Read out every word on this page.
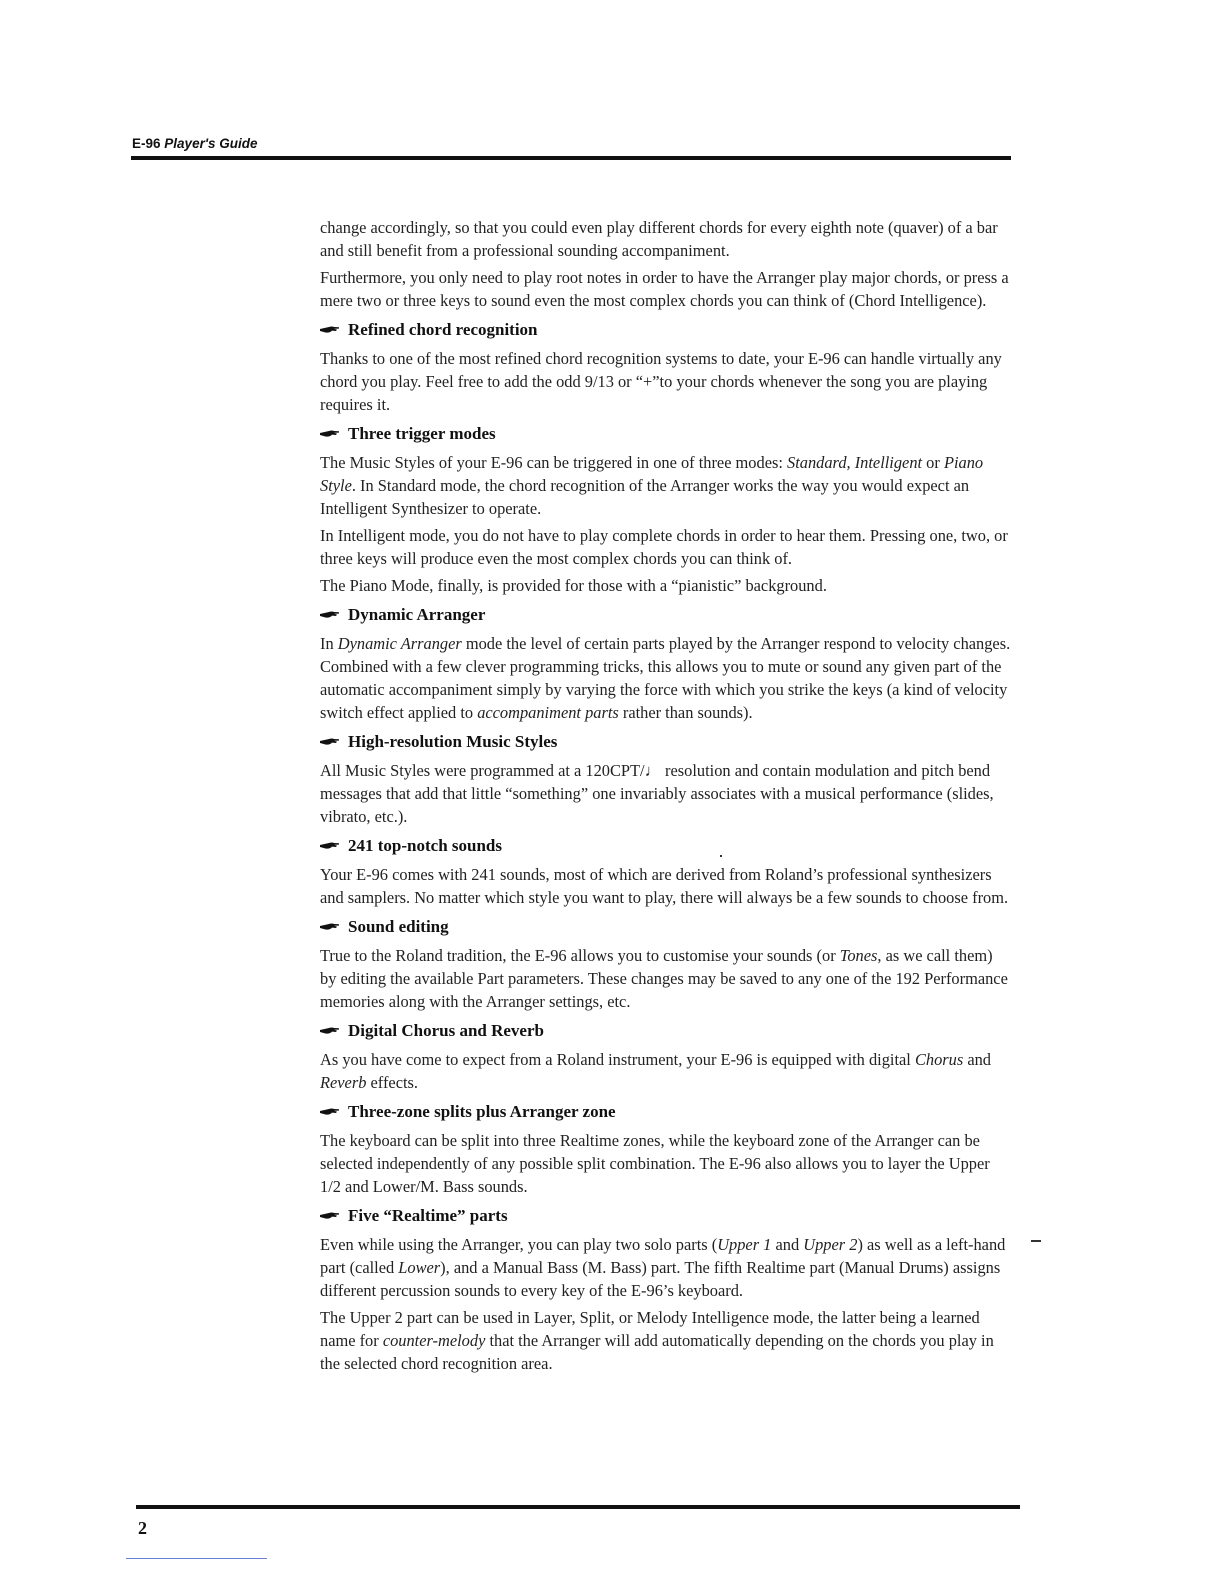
E-96 Player's Guide

change accordingly, so that you could even play different chords for every eighth note (quaver) of a bar and still benefit from a professional sounding accompaniment.

Furthermore, you only need to play root notes in order to have the Arranger play major chords, or press a mere two or three keys to sound even the most complex chords you can think of (Chord Intelligence).

Refined chord recognition

Thanks to one of the most refined chord recognition systems to date, your E-96 can handle virtually any chord you play. Feel free to add the odd 9/13 or “+”to your chords whenever the song you are playing requires it.

Three trigger modes

The Music Styles of your E-96 can be triggered in one of three modes: Standard, Intelligent or Piano Style. In Standard mode, the chord recognition of the Arranger works the way you would expect an Intelligent Synthesizer to operate.

In Intelligent mode, you do not have to play complete chords in order to hear them. Pressing one, two, or three keys will produce even the most complex chords you can think of.

The Piano Mode, finally, is provided for those with a “pianistic” background.

Dynamic Arranger

In Dynamic Arranger mode the level of certain parts played by the Arranger respond to velocity changes. Combined with a few clever programming tricks, this allows you to mute or sound any given part of the automatic accompaniment simply by varying the force with which you strike the keys (a kind of velocity switch effect applied to accompaniment parts rather than sounds).

High-resolution Music Styles

All Music Styles were programmed at a 120CPT/♩ resolution and contain modulation and pitch bend messages that add that little “something” one invariably associates with a musical performance (slides, vibrato, etc.).

241 top-notch sounds

Your E-96 comes with 241 sounds, most of which are derived from Roland’s professional synthesizers and samplers. No matter which style you want to play, there will always be a few sounds to choose from.

Sound editing

True to the Roland tradition, the E-96 allows you to customise your sounds (or Tones, as we call them) by editing the available Part parameters. These changes may be saved to any one of the 192 Performance memories along with the Arranger settings, etc.

Digital Chorus and Reverb

As you have come to expect from a Roland instrument, your E-96 is equipped with digital Chorus and Reverb effects.

Three-zone splits plus Arranger zone

The keyboard can be split into three Realtime zones, while the keyboard zone of the Arranger can be selected independently of any possible split combination. The E-96 also allows you to layer the Upper 1/2 and Lower/M. Bass sounds.

Five “Realtime” parts

Even while using the Arranger, you can play two solo parts (Upper 1 and Upper 2) as well as a left-hand part (called Lower), and a Manual Bass (M. Bass) part. The fifth Realtime part (Manual Drums) assigns different percussion sounds to every key of the E-96’s keyboard.

The Upper 2 part can be used in Layer, Split, or Melody Intelligence mode, the latter being a learned name for counter-melody that the Arranger will add automatically depending on the chords you play in the selected chord recognition area.

2
